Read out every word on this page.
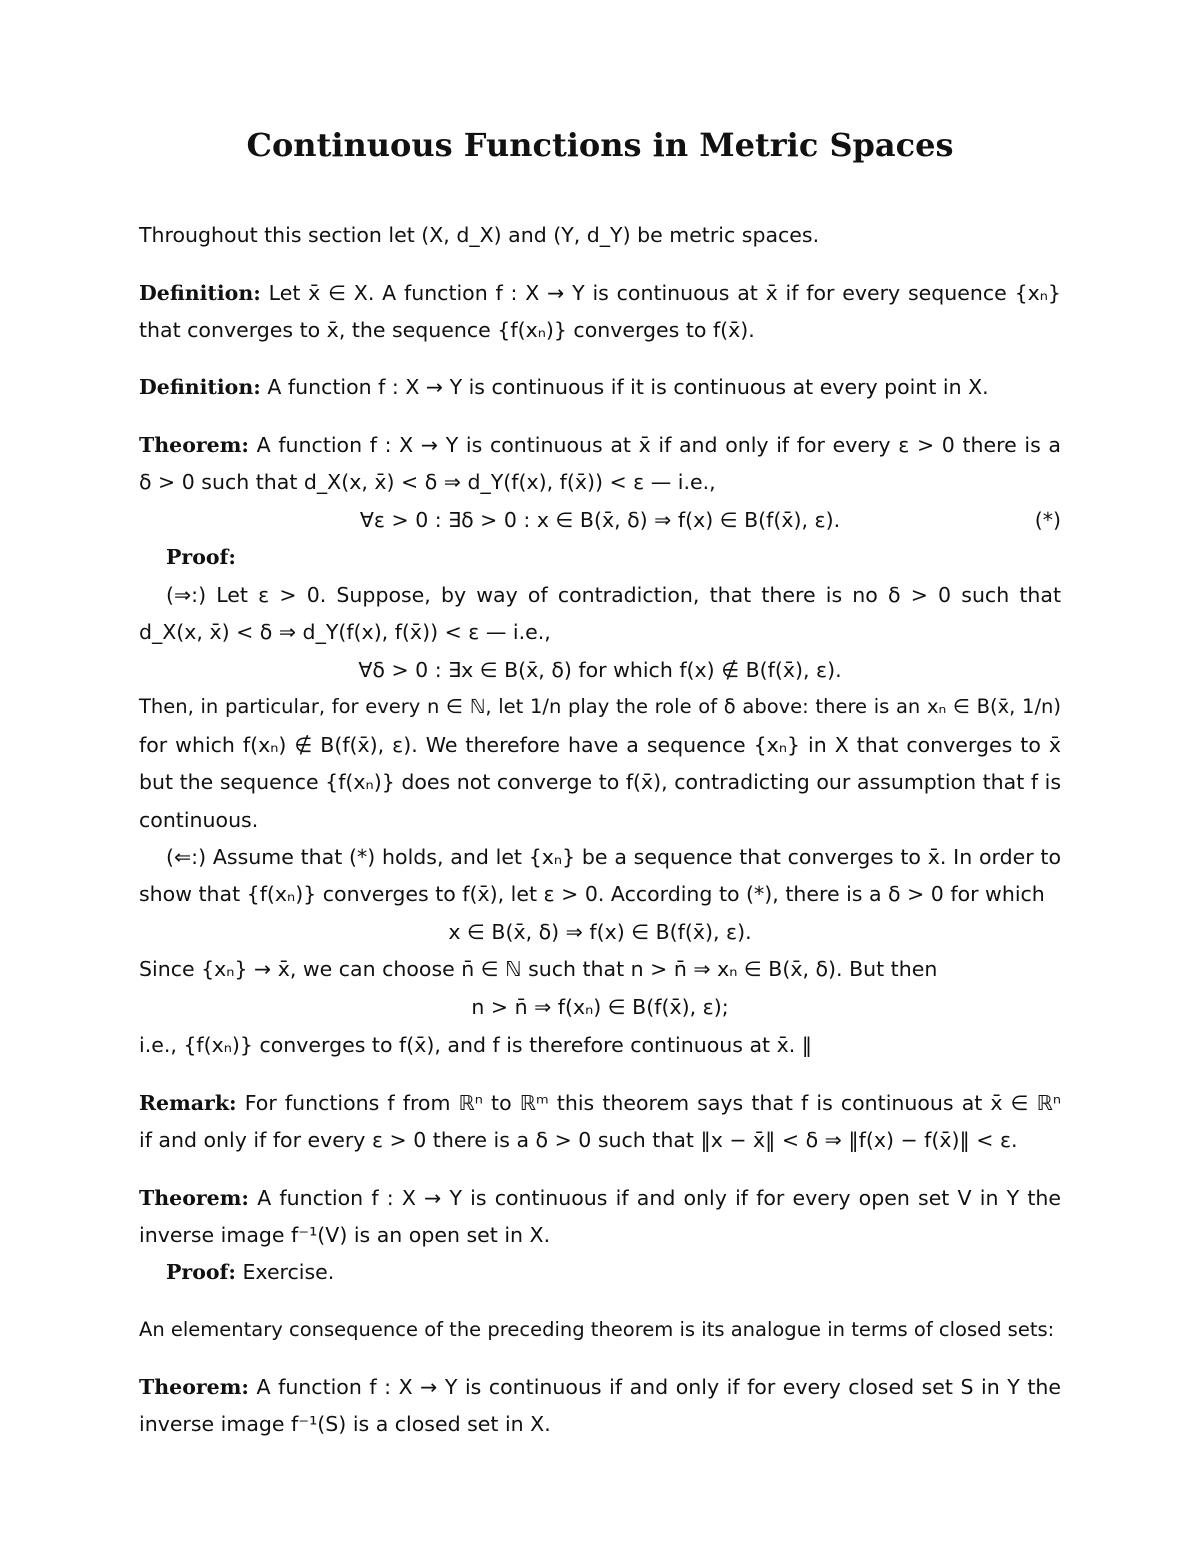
Continuous Functions in Metric Spaces
Throughout this section let (X, d_X) and (Y, d_Y) be metric spaces.
Definition: Let x̄ ∈ X. A function f : X → Y is continuous at x̄ if for every sequence {xₙ}
that converges to x̄, the sequence {f(xₙ)} converges to f(x̄).
Definition: A function f : X → Y is continuous if it is continuous at every point in X.
Theorem: A function f : X → Y is continuous at x̄ if and only if for every ε > 0 there is a
δ > 0 such that d_X(x, x̄) < δ ⇒ d_Y(f(x), f(x̄)) < ε — i.e.,
∀ε > 0 : ∃δ > 0 : x ∈ B(x̄, δ) ⇒ f(x) ∈ B(f(x̄), ε).	(*)
Proof:
(⇒:) Let ε > 0. Suppose, by way of contradiction, that there is no δ > 0 such that
d_X(x, x̄) < δ ⇒ d_Y(f(x), f(x̄)) < ε — i.e.,
∀δ > 0 : ∃x ∈ B(x̄, δ) for which f(x) ∉ B(f(x̄), ε).
Then, in particular, for every n ∈ ℕ, let 1/n play the role of δ above: there is an xₙ ∈ B(x̄, 1/n)
for which f(xₙ) ∉ B(f(x̄), ε). We therefore have a sequence {xₙ} in X that converges to x̄
but the sequence {f(xₙ)} does not converge to f(x̄), contradicting our assumption that f is
continuous.
(⇐:) Assume that (*) holds, and let {xₙ} be a sequence that converges to x̄. In order to
show that {f(xₙ)} converges to f(x̄), let ε > 0. According to (*), there is a δ > 0 for which
x ∈ B(x̄, δ) ⇒ f(x) ∈ B(f(x̄), ε).
Since {xₙ} → x̄, we can choose n̄ ∈ ℕ such that n > n̄ ⇒ xₙ ∈ B(x̄, δ). But then
n > n̄ ⇒ f(xₙ) ∈ B(f(x̄), ε);
i.e., {f(xₙ)} converges to f(x̄), and f is therefore continuous at x̄. ‖
Remark: For functions f from ℝⁿ to ℝᵐ this theorem says that f is continuous at x̄ ∈ ℝⁿ
if and only if for every ε > 0 there is a δ > 0 such that ‖x − x̄‖ < δ ⇒ ‖f(x) − f(x̄)‖ < ε.
Theorem: A function f : X → Y is continuous if and only if for every open set V in Y the
inverse image f⁻¹(V) is an open set in X.
Proof: Exercise.
An elementary consequence of the preceding theorem is its analogue in terms of closed sets:
Theorem: A function f : X → Y is continuous if and only if for every closed set S in Y the
inverse image f⁻¹(S) is a closed set in X.
